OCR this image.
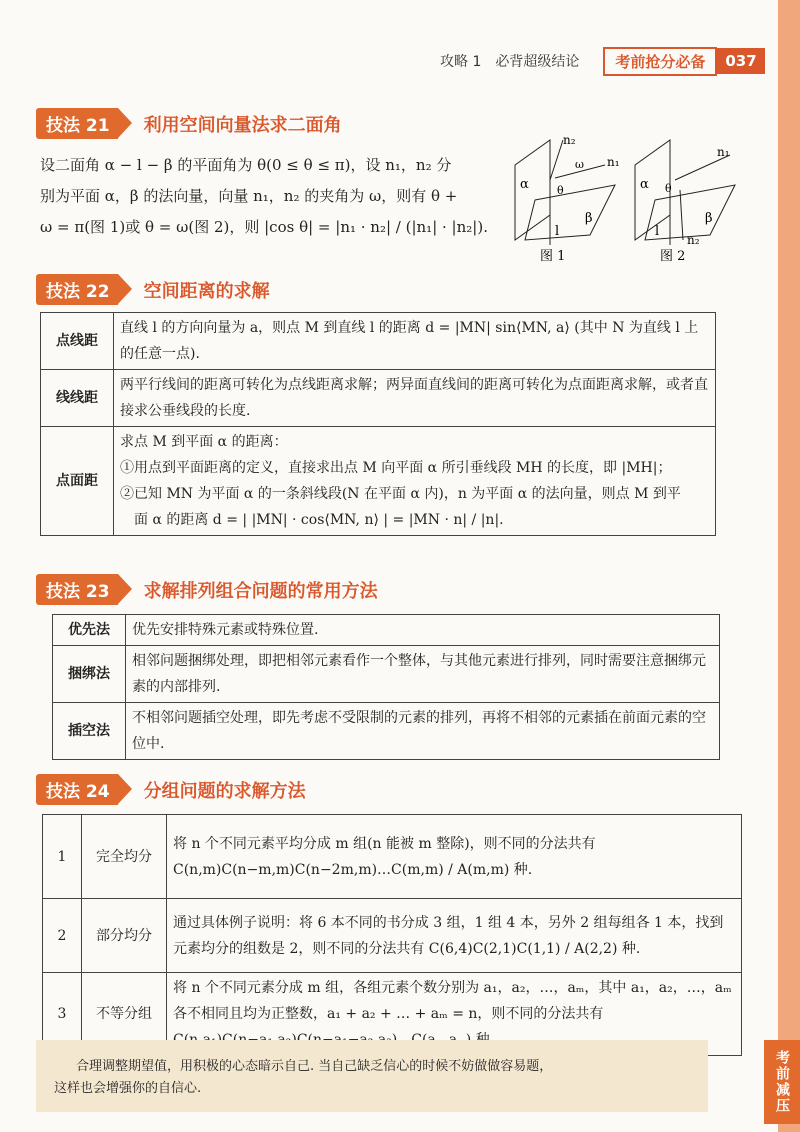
考前减压
攻略 1　必背超级结论	考前抢分必备	037
技法 21	利用空间向量法求二面角
设二面角 α − l − β 的平面角为 θ(0 ≤ θ ≤ π)，设 n₁，n₂ 分
别为平面 α，β 的法向量，向量 n₁，n₂ 的夹角为 ω，则有 θ +
ω = π(图 1)或 θ = ω(图 2)，则 |cos θ| = |n₁ · n₂| / (|n₁| · |n₂|).
n₂
n₁
α
β
l
θ
ω
图 1
n₁
n₂
α
β
l
θ
图 2
技法 22	空间距离的求解
点线距	直线 l 的方向向量为 a，则点 M 到直线 l 的距离 d = |MN| sin⟨MN, a⟩ (其中 N 为直线 l 上的任意一点).
线线距	两平行线间的距离可转化为点线距离求解；两异面直线间的距离可转化为点面距离求解，或者直接求公垂线段的长度.
点面距	求点 M 到平面 α 的距离：
①用点到平面距离的定义，直接求出点 M 向平面 α 所引垂线段 MH 的长度，即 |MH|；
②已知 MN 为平面 α 的一条斜线段(N 在平面 α 内)，n 为平面 α 的法向量，则点 M 到平
面 α 的距离 d = | |MN| · cos⟨MN, n⟩ | = |MN · n| / |n|.
技法 23	求解排列组合问题的常用方法
优先法	优先安排特殊元素或特殊位置.
捆绑法	相邻问题捆绑处理，即把相邻元素看作一个整体，与其他元素进行排列，同时需要注意捆绑元素的内部排列.
插空法	不相邻问题插空处理，即先考虑不受限制的元素的排列，再将不相邻的元素插在前面元素的空位中.
技法 24	分组问题的求解方法
1	完全均分	将 n 个不同元素平均分成 m 组(n 能被 m 整除)，则不同的分法共有 C(n,m)C(n−m,m)C(n−2m,m)…C(m,m) / A(m,m) 种.
2	部分均分	通过具体例子说明：将 6 本不同的书分成 3 组，1 组 4 本，另外 2 组每组各 1 本，找到元素均分的组数是 2，则不同的分法共有 C(6,4)C(2,1)C(1,1) / A(2,2) 种.
3	不等分组	将 n 个不同元素分成 m 组，各组元素个数分别为 a₁，a₂，…，aₘ，其中 a₁，a₂，…，aₘ 各不相同且均为正整数，a₁ + a₂ + … + aₘ = n，则不同的分法共有
合理调整期望值，用积极的心态暗示自己. 当自己缺乏信心的时候不妨做做容易题，
这样也会增强你的自信心.
